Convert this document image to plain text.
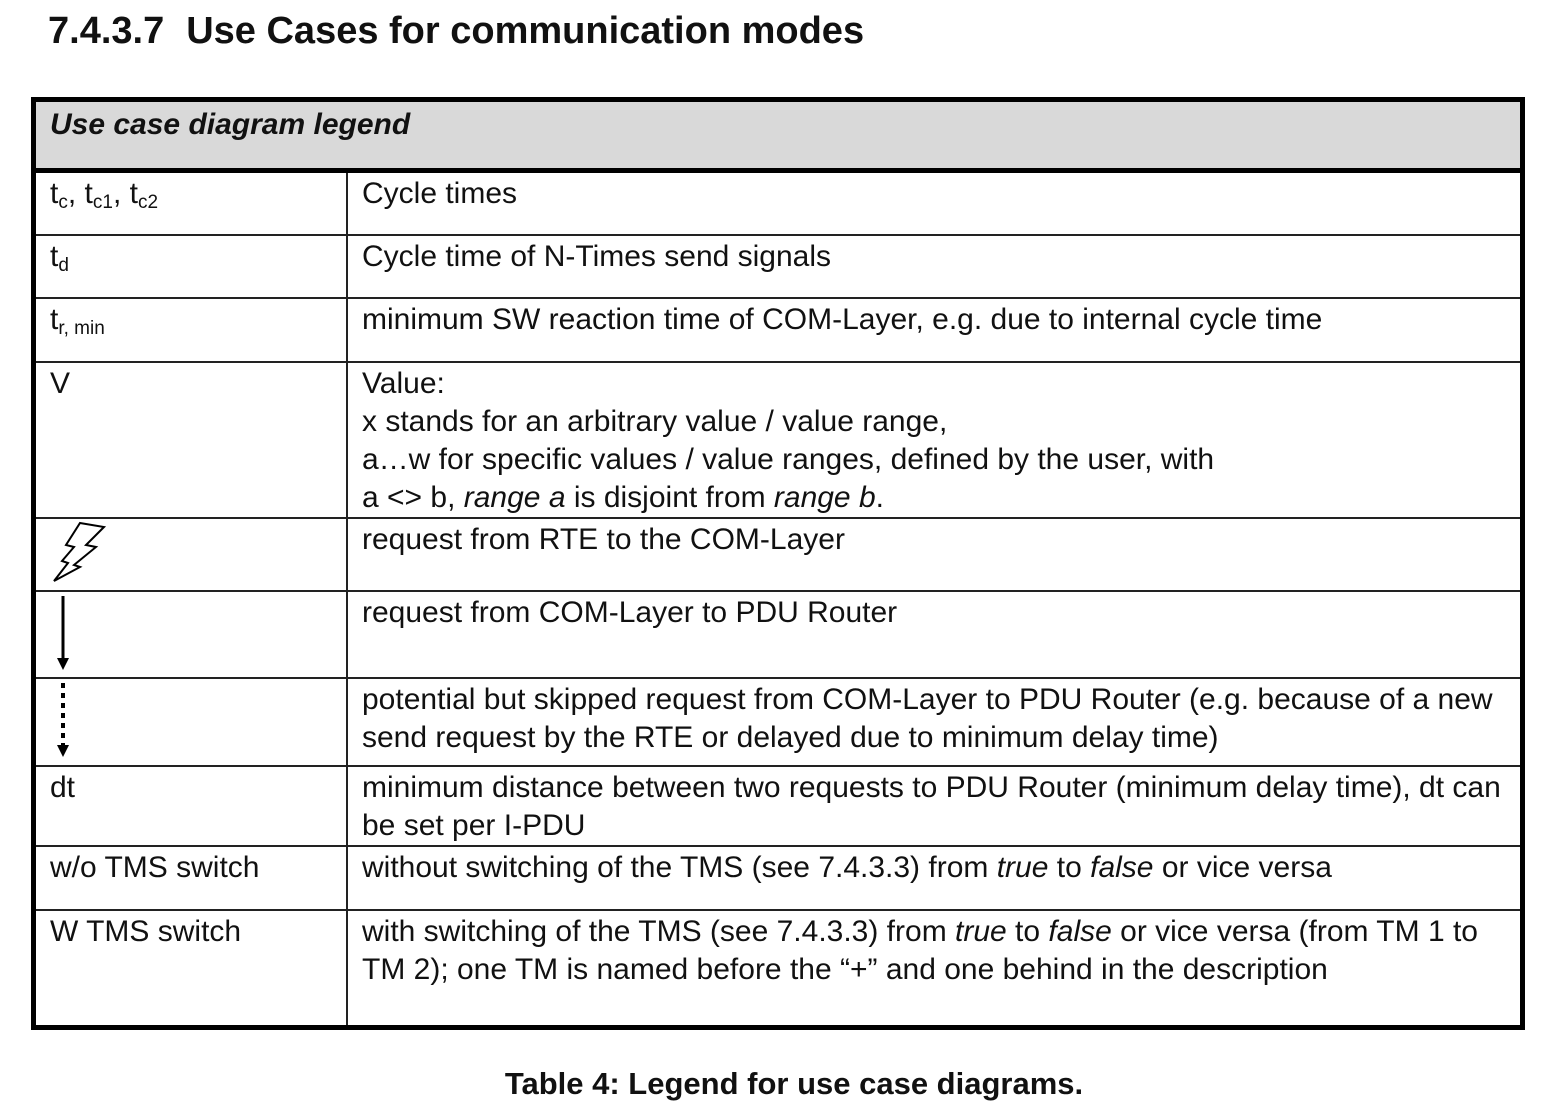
7.4.3.7 Use Cases for communication modes
Use case diagram legend	
$t_c$, $t_{c1}$, $t_{c2}$	Cycle times
$t_d$	Cycle time of N-Times send signals
$t_{r, min}$	minimum SW reaction time of COM-Layer, e.g. due to internal cycle time
V	Value:
x stands for an arbitrary value / value range,
a…w for specific values / value ranges, defined by the user, with
a <> b, range a is disjoint from range b.

	request from RTE to the COM-Layer

	request from COM-Layer to PDU Router

	potential but skipped request from COM-Layer to PDU Router (e.g. because of a new send request by the RTE or delayed due to minimum delay time)
dt	minimum distance between two requests to PDU Router (minimum delay time), dt can be set per I-PDU
w/o TMS switch	without switching of the TMS (see 7.4.3.3) from true to false or vice versa
W TMS switch	with switching of the TMS (see 7.4.3.3) from true to false or vice versa (from TM 1 to TM 2); one TM is named before the “+” and one behind in the description
Table 4: Legend for use case diagrams.
